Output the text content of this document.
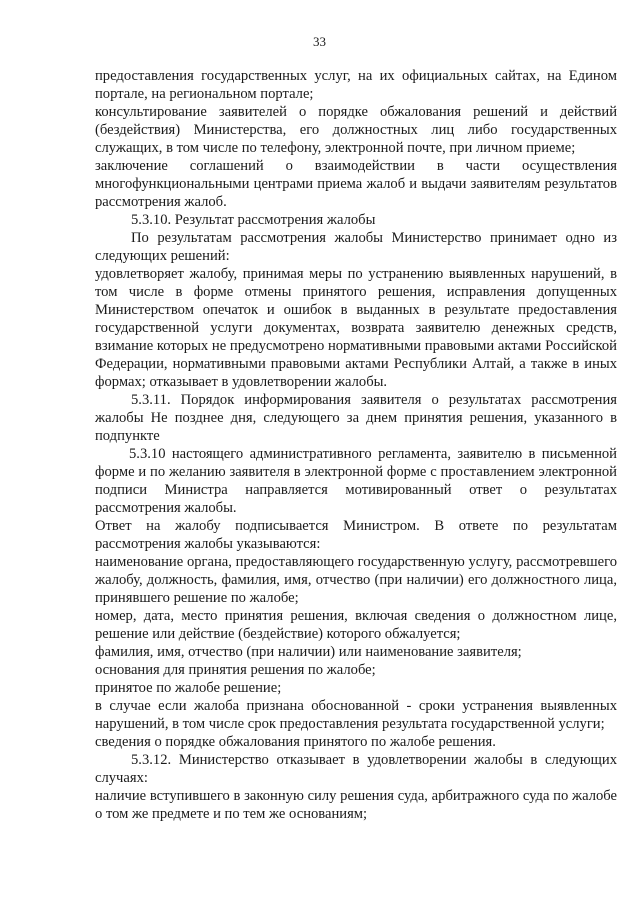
33

предоставления государственных услуг, на их официальных сайтах, на Едином портале, на региональном портале;

консультирование заявителей о порядке обжалования решений и действий (бездействия) Министерства, его должностных лиц либо государственных служащих, в том числе по телефону, электронной почте, при личном приеме;

заключение соглашений о взаимодействии в части осуществления многофункциональными центрами приема жалоб и выдачи заявителям результатов рассмотрения жалоб.

5.3.10. Результат рассмотрения жалобы

По результатам рассмотрения жалобы Министерство принимает одно из следующих решений:

удовлетворяет жалобу, принимая меры по устранению выявленных нарушений, в том числе в форме отмены принятого решения, исправления допущенных Министерством опечаток и ошибок в выданных в результате предоставления государственной услуги документах, возврата заявителю денежных средств, взимание которых не предусмотрено нормативными правовыми актами Российской Федерации, нормативными правовыми актами Республики Алтай, а также в иных формах; отказывает в удовлетворении жалобы.

5.3.11. Порядок информирования заявителя о результатах рассмотрения жалобы Не позднее дня, следующего за днем принятия решения, указанного в подпункте

5.3.10 настоящего административного регламента, заявителю в письменной форме и по желанию заявителя в электронной форме с проставлением электронной подписи Министра направляется мотивированный ответ о результатах рассмотрения жалобы.

Ответ на жалобу подписывается Министром. В ответе по результатам рассмотрения жалобы указываются:

наименование органа, предоставляющего государственную услугу, рассмотревшего жалобу, должность, фамилия, имя, отчество (при наличии) его должностного лица, принявшего решение по жалобе;

номер, дата, место принятия решения, включая сведения о должностном лице, решение или действие (бездействие) которого обжалуется;

фамилия, имя, отчество (при наличии) или наименование заявителя;

основания для принятия решения по жалобе;

принятое по жалобе решение;

в случае если жалоба признана обоснованной - сроки устранения выявленных нарушений, в том числе срок предоставления результата государственной услуги;

сведения о порядке обжалования принятого по жалобе решения.

5.3.12. Министерство отказывает в удовлетворении жалобы в следующих случаях:

наличие вступившего в законную силу решения суда, арбитражного суда по жалобе о том же предмете и по тем же основаниям;
